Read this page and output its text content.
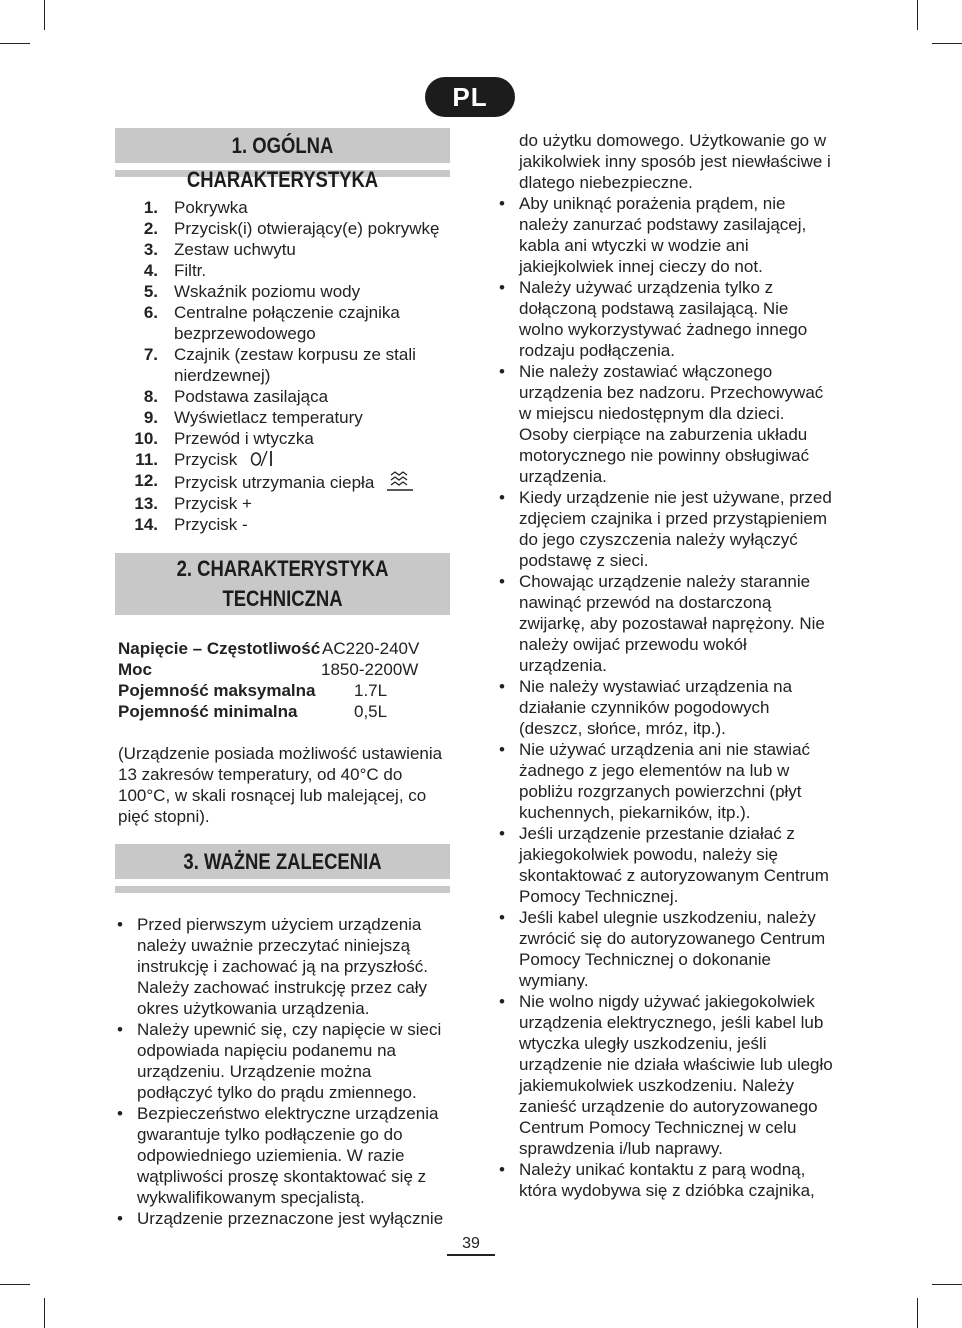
PL
1. OGÓLNA CHARAKTERYSTYKA
1. Pokrywka
2. Przycisk(i) otwierający(e) pokrywkę
3. Zestaw uchwytu
4. Filtr.
5. Wskaźnik poziomu wody
6. Centralne połączenie czajnika bezprzewodowego
7. Czajnik (zestaw korpusu ze stali nierdzewnej)
8. Podstawa zasilająca
9. Wyświetlacz temperatury
10. Przewód i wtyczka
11. Przycisk
12. Przycisk utrzymania ciepła
13. Przycisk +
14. Przycisk -
2. CHARAKTERYSTYKA
TECHNICZNA
Napięcie – Częstotliwość AC220-240V
Moc	1850-2200W
Pojemność maksymalna 1.7L
Pojemność minimalna	0,5L
(Urządzenie posiada możliwość ustawienia 13 zakresów temperatury, od 40°C do 100°C, w skali rosnącej lub malejącej, co pięć stopni).
3. WAŻNE ZALECENIA
• Przed pierwszym użyciem urządzenia należy uważnie przeczytać niniejszą instrukcję i zachować ją na przyszłość. Należy zachować instrukcję przez cały okres użytkowania urządzenia.
• Należy upewnić się, czy napięcie w sieci odpowiada napięciu podanemu na urządzeniu. Urządzenie można podłączyć tylko do prądu zmiennego.
• Bezpieczeństwo elektryczne urządzenia gwarantuje tylko podłączenie go do odpowiedniego uziemienia. W razie wątpliwości proszę skontaktować się z wykwalifikowanym specjalistą.
• Urządzenie przeznaczone jest wyłącznie
do użytku domowego. Użytkowanie go w jakikolwiek inny sposób jest niewłaściwe i dlatego niebezpieczne.
• Aby uniknąć porażenia prądem, nie należy zanurzać podstawy zasilającej, kabla ani wtyczki w wodzie ani jakiejkolwiek innej cieczy do not.
• Należy używać urządzenia tylko z dołączoną podstawą zasilającą. Nie wolno wykorzystywać żadnego innego rodzaju podłączenia.
• Nie należy zostawiać włączonego urządzenia bez nadzoru. Przechowywać w miejscu niedostępnym dla dzieci. Osoby cierpiące na zaburzenia układu motorycznego nie powinny obsługiwać urządzenia.
• Kiedy urządzenie nie jest używane, przed zdjęciem czajnika i przed przystąpieniem do jego czyszczenia należy wyłączyć podstawę z sieci.
• Chowając urządzenie należy starannie nawinąć przewód na dostarczoną zwijarkę, aby pozostawał naprężony. Nie należy owijać przewodu wokół urządzenia.
• Nie należy wystawiać urządzenia na działanie czynników pogodowych (deszcz, słońce, mróz, itp.).
• Nie używać urządzenia ani nie stawiać żadnego z jego elementów na lub w pobliżu rozgrzanych powierzchni (płyt kuchennych, piekarników, itp.).
• Jeśli urządzenie przestanie działać z jakiegokolwiek powodu, należy się skontaktować z autoryzowanym Centrum Pomocy Technicznej.
• Jeśli kabel ulegnie uszkodzeniu, należy zwrócić się do autoryzowanego Centrum Pomocy Technicznej o dokonanie wymiany.
• Nie wolno nigdy używać jakiegokolwiek urządzenia elektrycznego, jeśli kabel lub wtyczka uległy uszkodzeniu, jeśli urządzenie nie działa właściwie lub uległo jakiemukolwiek uszkodzeniu. Należy zanieść urządzenie do autoryzowanego Centrum Pomocy Technicznej w celu sprawdzenia i/lub naprawy.
• Należy unikać kontaktu z parą wodną, która wydobywa się z dzióbka czajnika,
39
